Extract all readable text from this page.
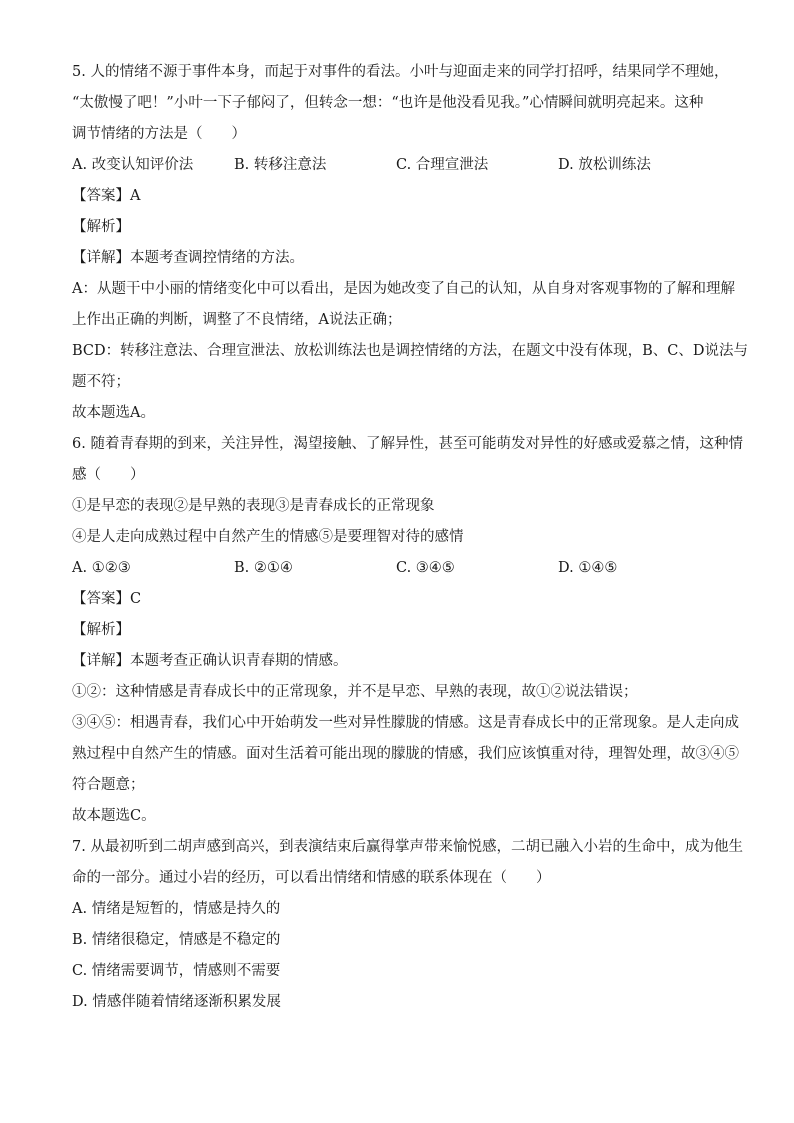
5. 人的情绪不源于事件本身，而起于对事件的看法。小叶与迎面走来的同学打招呼，结果同学不理她，

“太傲慢了吧！”小叶一下子郁闷了，但转念一想：“也许是他没看见我。”心情瞬间就明亮起来。这种

调节情绪的方法是（　　）

A. 改变认知评价法	B. 转移注意法	C. 合理宣泄法	D. 放松训练法

【答案】A

【解析】

【详解】本题考查调控情绪的方法。

A：从题干中小丽的情绪变化中可以看出，是因为她改变了自己的认知，从自身对客观事物的了解和理解

上作出正确的判断，调整了不良情绪，A说法正确；

BCD：转移注意法、合理宣泄法、放松训练法也是调控情绪的方法，在题文中没有体现，B、C、D说法与

题不符；

故本题选A。

6. 随着青春期的到来，关注异性，渴望接触、了解异性，甚至可能萌发对异性的好感或爱慕之情，这种情

感（　　）

①是早恋的表现②是早熟的表现③是青春成长的正常现象

④是人走向成熟过程中自然产生的情感⑤是要理智对待的感情

A. ①②③	B. ②①④	C. ③④⑤	D. ①④⑤

【答案】C

【解析】

【详解】本题考查正确认识青春期的情感。

①②：这种情感是青春成长中的正常现象，并不是早恋、早熟的表现，故①②说法错误；

③④⑤：相遇青春，我们心中开始萌发一些对异性朦胧的情感。这是青春成长中的正常现象。是人走向成

熟过程中自然产生的情感。面对生活着可能出现的朦胧的情感，我们应该慎重对待，理智处理，故③④⑤

符合题意；

故本题选C。

7. 从最初听到二胡声感到高兴，到表演结束后赢得掌声带来愉悦感，二胡已融入小岩的生命中，成为他生

命的一部分。通过小岩的经历，可以看出情绪和情感的联系体现在（　　）

A. 情绪是短暂的，情感是持久的

B. 情绪很稳定，情感是不稳定的

C. 情绪需要调节，情感则不需要

D. 情感伴随着情绪逐渐积累发展
